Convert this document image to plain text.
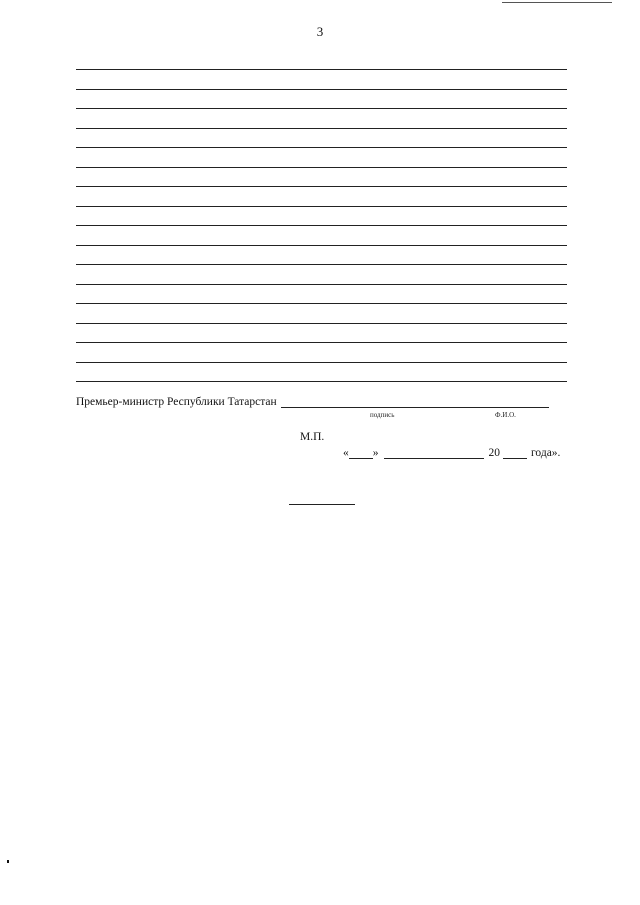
3
Премьер-министр Республики Татарстан
подпись	Ф.И.О.
М.П.
« »	20	года».
